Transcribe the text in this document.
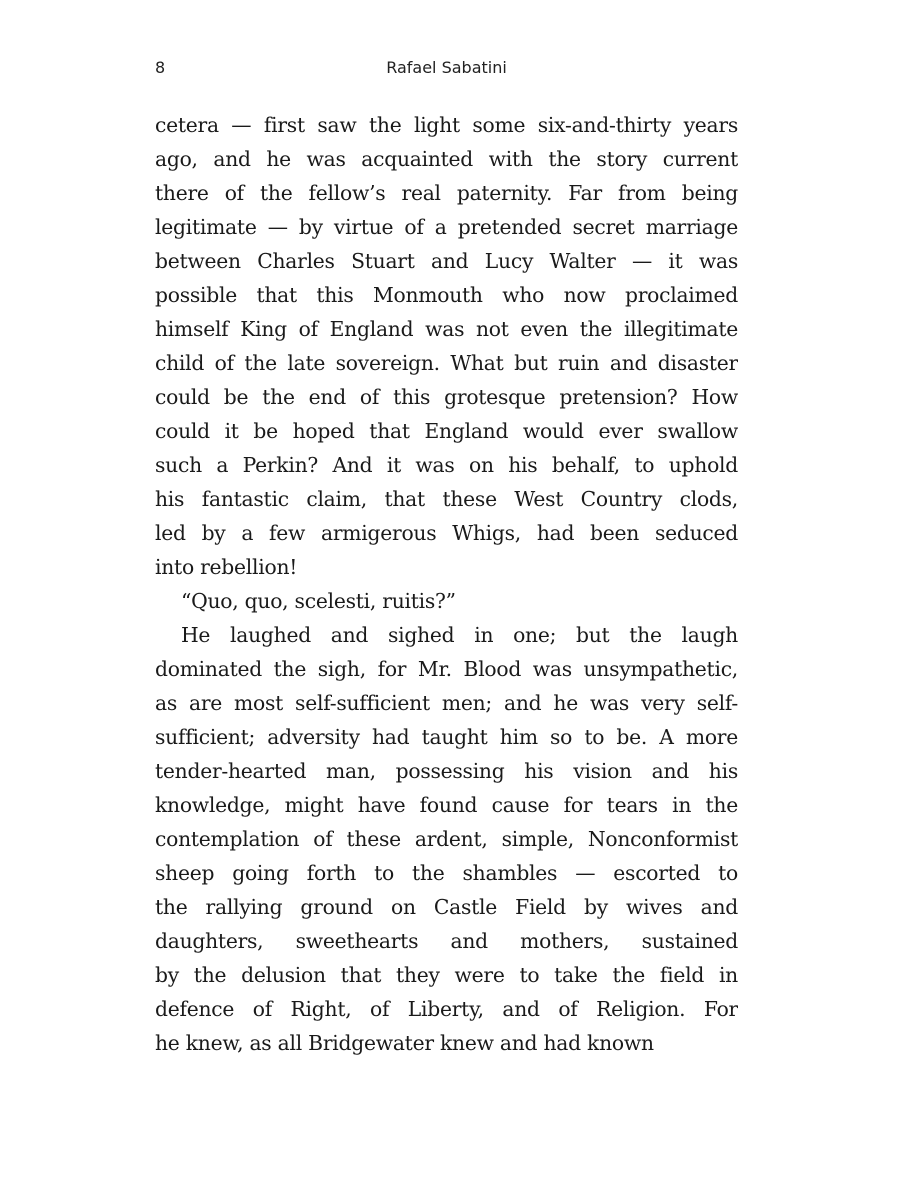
8	Rafael Sabatini
cetera — first saw the light some six-and-thirty years
ago, and he was acquainted with the story current
there of the fellow’s real paternity. Far from being
legitimate — by virtue of a pretended secret marriage
between Charles Stuart and Lucy Walter — it was
possible that this Monmouth who now proclaimed
himself King of England was not even the illegitimate
child of the late sovereign. What but ruin and disaster
could be the end of this grotesque pretension? How
could it be hoped that England would ever swallow
such a Perkin? And it was on his behalf, to uphold
his fantastic claim, that these West Country clods,
led by a few armigerous Whigs, had been seduced
into rebellion!
“Quo, quo, scelesti, ruitis?”
He laughed and sighed in one; but the laugh
dominated the sigh, for Mr. Blood was unsympathetic,
as are most self-sufficient men; and he was very self-
sufficient; adversity had taught him so to be. A more
tender-hearted man, possessing his vision and his
knowledge, might have found cause for tears in the
contemplation of these ardent, simple, Nonconformist
sheep going forth to the shambles — escorted to
the rallying ground on Castle Field by wives and
daughters, sweethearts and mothers, sustained
by the delusion that they were to take the field in
defence of Right, of Liberty, and of Religion. For
he knew, as all Bridgewater knew and had known
